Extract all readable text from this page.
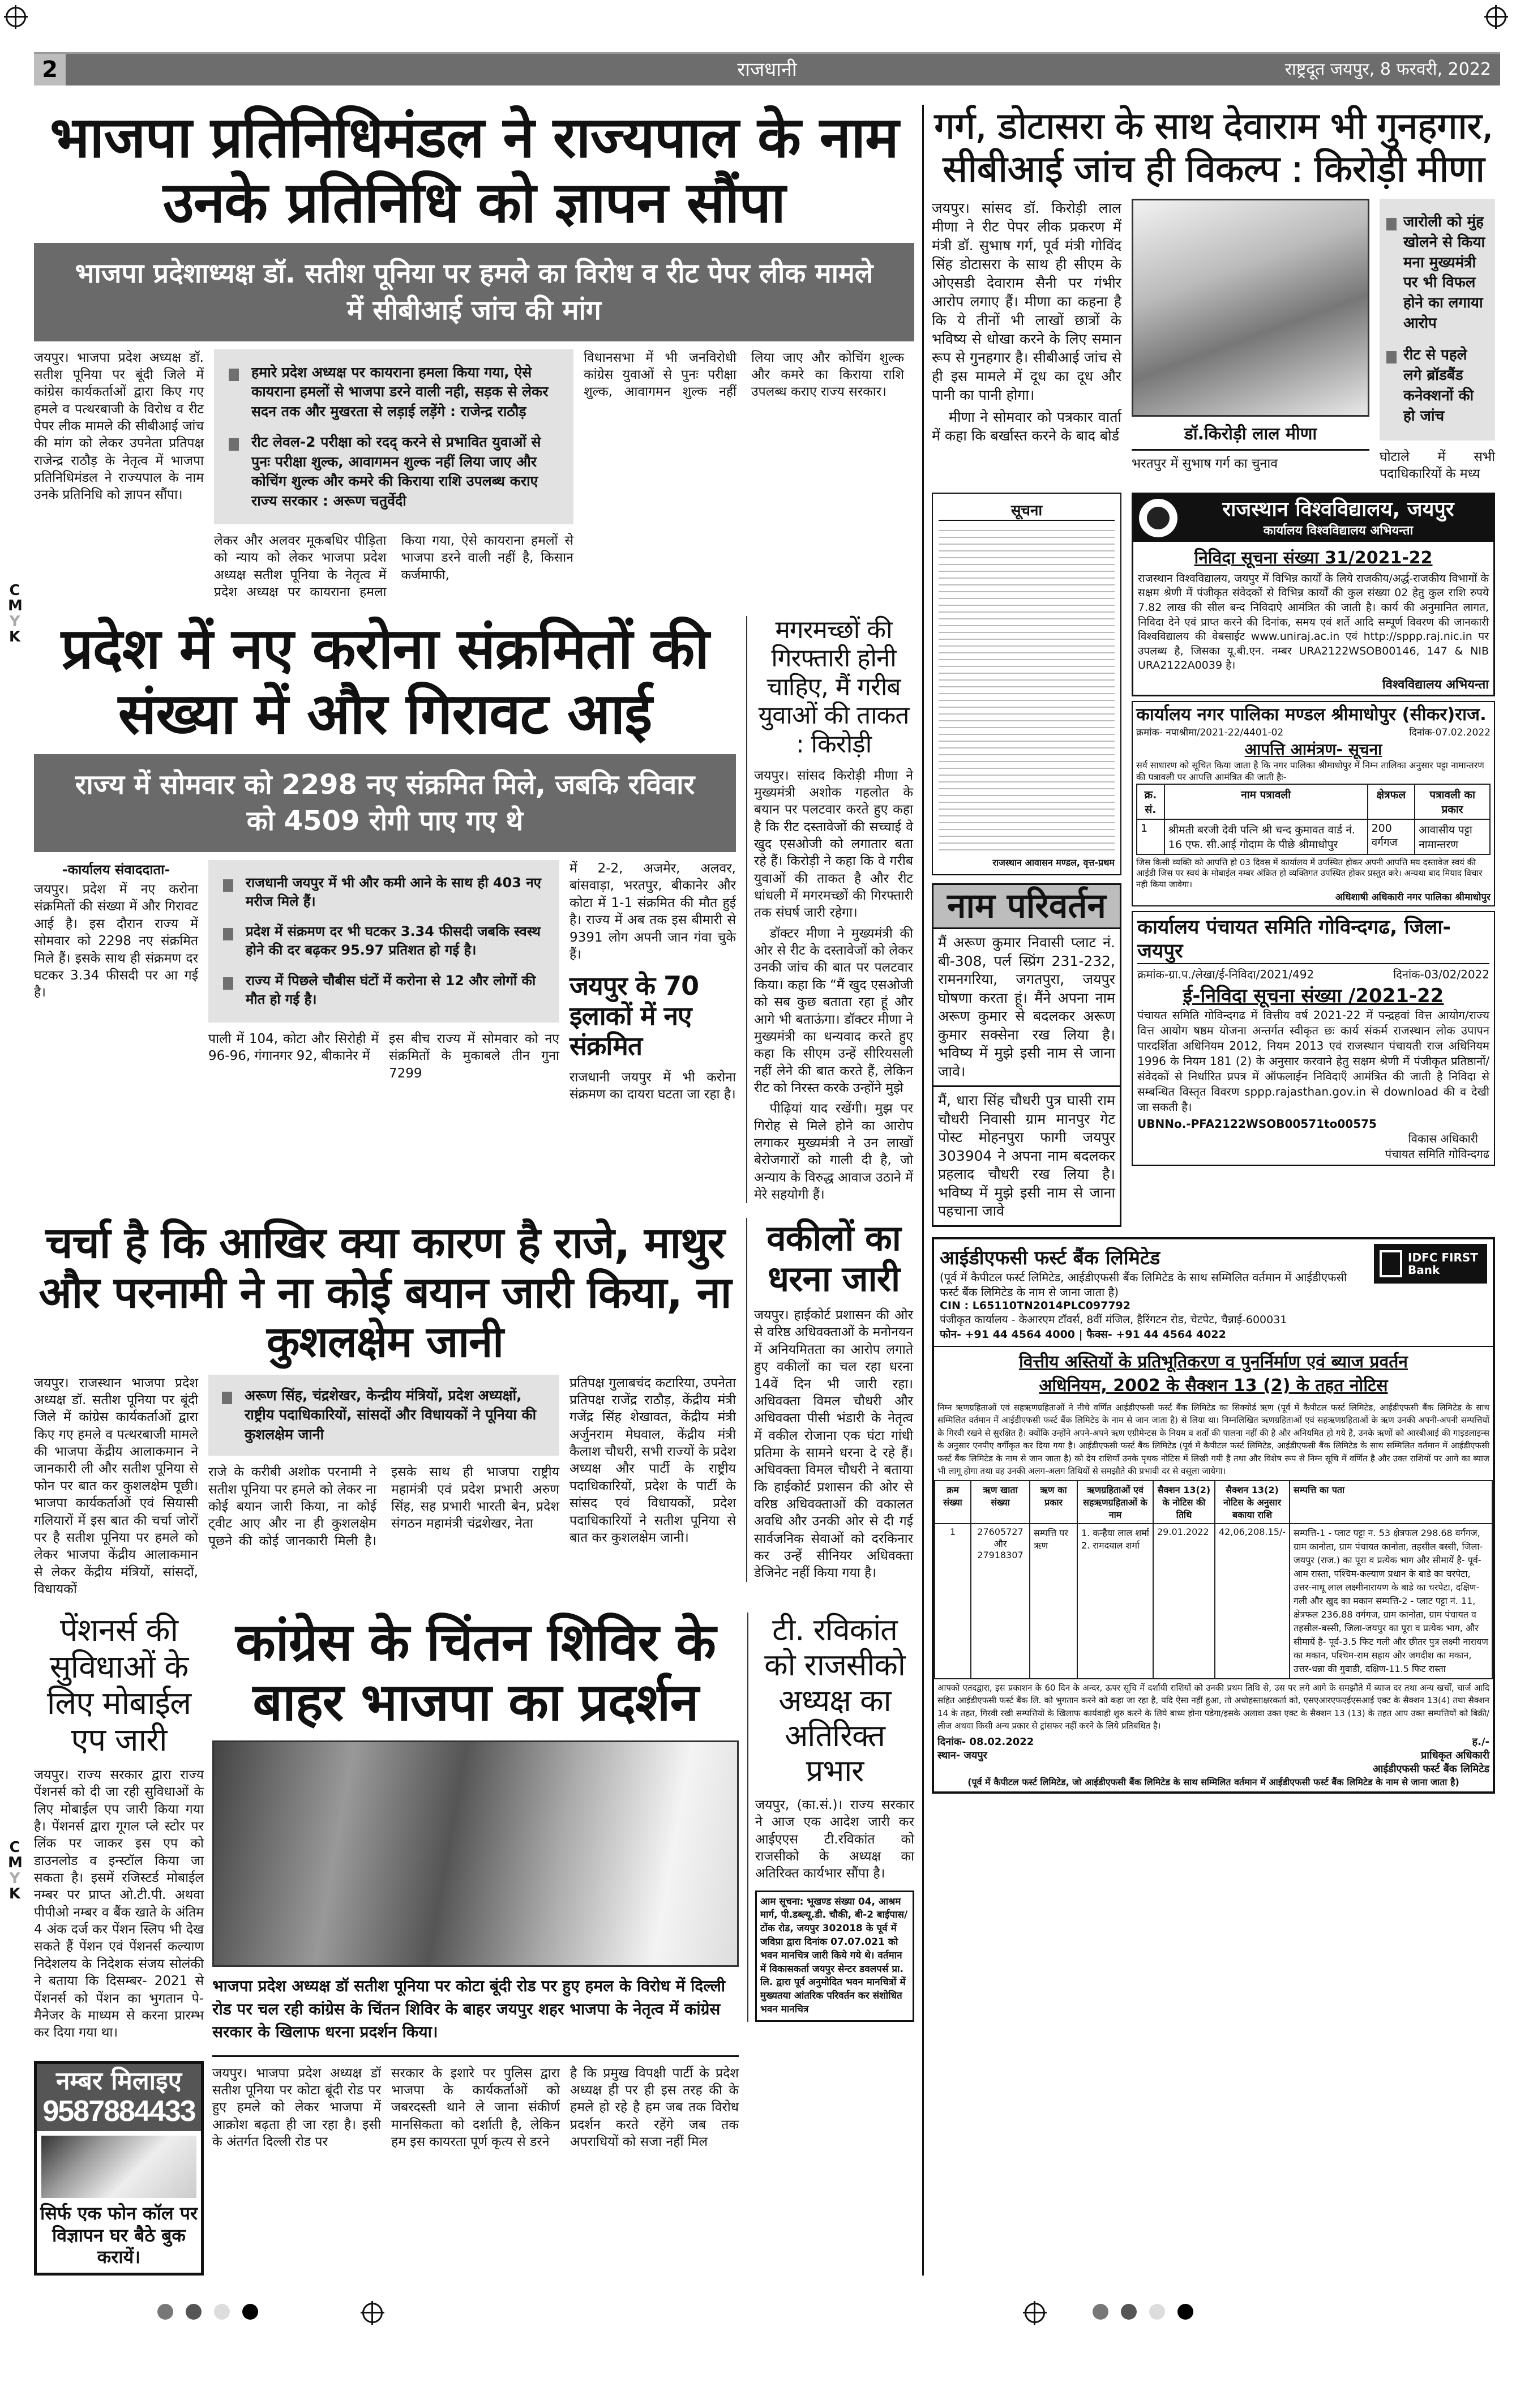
2	राजधानी	राष्ट्रदूत जयपुर, 8 फरवरी, 2022
C
M
Y
K
C
M
Y
K
भाजपा प्रतिनिधिमंडल ने राज्यपाल के नाम उनके प्रतिनिधि को ज्ञापन सौंपा
भाजपा प्रदेशाध्यक्ष डॉ. सतीश पूनिया पर हमले का विरोध व रीट पेपर लीक मामले में सीबीआई जांच की मांग
जयपुर। भाजपा प्रदेश अध्यक्ष डॉ. सतीश पूनिया पर बूंदी जिले में कांग्रेस कार्यकर्ताओं द्वारा किए गए हमले व पत्थरबाजी के विरोध व रीट पेपर लीक मामले की सीबीआई जांच की मांग को लेकर उपनेता प्रतिपक्ष राजेन्द्र राठौड़ के नेतृत्व में भाजपा प्रतिनिधिमंडल ने राज्यपाल के नाम उनके प्रतिनिधि को ज्ञापन सौंपा।
हमारे प्रदेश अध्यक्ष पर कायराना हमला किया गया, ऐसे कायराना हमलों से भाजपा डरने वाली नही, सड़क से लेकर सदन तक और मुखरता से लड़ाई लड़ेंगे : राजेन्द्र राठौड़
रीट लेवल-2 परीक्षा को रदद् करने से प्रभावित युवाओं से पुनः परीक्षा शुल्क, आवागमन शुल्क नहीं लिया जाए और कोचिंग शुल्क और कमरे की किराया राशि उपलब्ध कराए राज्य सरकार : अरूण चतुर्वेदी
लेकर और अलवर मूकबधिर पीड़िता को न्याय को लेकर भाजपा प्रदेश अध्यक्ष सतीश पूनिया के नेतृत्व में प्रदेश अध्यक्ष पर कायराना हमला किया गया, ऐसे कायराना हमलों से भाजपा डरने वाली नहीं है, किसान कर्जमाफी,
विधानसभा में भी जनविरोधी कांग्रेस युवाओं से पुनः परीक्षा शुल्क, आवागमन शुल्क नहीं लिया जाए और कोचिंग शुल्क और कमरे का किराया राशि उपलब्ध कराए राज्य सरकार।
प्रदेश में नए करोना संक्रमितों की संख्या में और गिरावट आई
राज्य में सोमवार को 2298 नए संक्रमित मिले, जबकि रविवार को 4509 रोगी पाए गए थे
-कार्यालय संवाददाता-
जयपुर। प्रदेश में नए करोना संक्रमितों की संख्या में और गिरावट आई है। इस दौरान राज्य में सोमवार को 2298 नए संक्रमित मिले हैं। इसके साथ ही संक्रमण दर घटकर 3.34 फीसदी पर आ गई है।
राजधानी जयपुर में भी और कमी आने के साथ ही 403 नए मरीज मिले हैं।
प्रदेश में संक्रमण दर भी घटकर 3.34 फीसदी जबकि स्वस्थ होने की दर बढ़कर 95.97 प्रतिशत हो गई है।
राज्य में पिछले चौबीस घंटों में करोना से 12 और लोगों की मौत हो गई है।
पाली में 104, कोटा और सिरोही में 96-96, गंगानगर 92, बीकानेर में
इस बीच राज्य में सोमवार को नए संक्रमितों के मुकाबले तीन गुना 7299
में 2-2, अजमेर, अलवर, बांसवाड़ा, भरतपुर, बीकानेर और कोटा में 1-1 संक्रमित की मौत हुई है। राज्य में अब तक इस बीमारी से 9391 लोग अपनी जान गंवा चुके हैं।
जयपुर के 70 इलाकों में नए संक्रमित
राजधानी जयपुर में भी करोना संक्रमण का दायरा घटता जा रहा है।
मगरमच्छों की गिरफ्तारी होनी चाहिए, मैं गरीब युवाओं की ताकत : किरोड़ी
जयपुर। सांसद किरोड़ी मीणा ने मुख्यमंत्री अशोक गहलोत के बयान पर पलटवार करते हुए कहा है कि रीट दस्तावेजों की सच्चाई वे खुद एसओजी को लगातार बता रहे हैं। किरोड़ी ने कहा कि वे गरीब युवाओं की ताकत है और रीट धांधली में मगरमच्छों की गिरफ्तारी तक संघर्ष जारी रहेगा।

डॉक्टर मीणा ने मुख्यमंत्री की ओर से रीट के दस्तावेजों को लेकर उनकी जांच की बात पर पलटवार किया। कहा कि “मैं खुद एसओजी को सब कुछ बताता रहा हूं और आगे भी बताऊंगा। डॉक्टर मीणा ने मुख्यमंत्री का धन्यवाद करते हुए कहा कि सीएम उन्हें सीरियसली नहीं लेने की बात करते हैं, लेकिन रीट को निरस्त करके उन्होंने मुझे

पीढ़ियां याद रखेंगी। मुझ पर गिरोह से मिले होने का आरोप लगाकर मुख्यमंत्री ने उन लाखों बेरोजगारों को गाली दी है, जो अन्याय के विरुद्ध आवाज उठाने में मेरे सहयोगी हैं।

चर्चा है कि आखिर क्या कारण है राजे, माथुर और परनामी ने ना कोई बयान जारी किया, ना कुशलक्षेम जानी
जयपुर। राजस्थान भाजपा प्रदेश अध्यक्ष डॉ. सतीश पूनिया पर बूंदी जिले में कांग्रेस कार्यकर्ताओं द्वारा किए गए हमले व पत्थरबाजी मामले की भाजपा केंद्रीय आलाकमान ने जानकारी ली और सतीश पूनिया से फोन पर बात कर कुशलक्षेम पूछी। भाजपा कार्यकर्ताओं एवं सियासी गलियारों में इस बात की चर्चा जोरों पर है सतीश पूनिया पर हमले को लेकर भाजपा केंद्रीय आलाकमान से लेकर केंद्रीय मंत्रियों, सांसदों, विधायकों
अरूण सिंह, चंद्रशेखर, केन्द्रीय मंत्रियों, प्रदेश अध्यक्षों, राष्ट्रीय पदाधिकारियों, सांसदों और विधायकों ने पूनिया की कुशलक्षेम जानी
राजे के करीबी अशोक परनामी ने सतीश पूनिया पर हमले को लेकर ना कोई बयान जारी किया, ना कोई ट्वीट आए और ना ही कुशलक्षेम पूछने की कोई जानकारी मिली है। इसके साथ ही भाजपा राष्ट्रीय महामंत्री एवं प्रदेश प्रभारी अरुण सिंह, सह प्रभारी भारती बेन, प्रदेश संगठन महामंत्री चंद्रशेखर, नेता
प्रतिपक्ष गुलाबचंद कटारिया, उपनेता प्रतिपक्ष राजेंद्र राठौड़, केंद्रीय मंत्री गजेंद्र सिंह शेखावत, केंद्रीय मंत्री अर्जुनराम मेघवाल, केंद्रीय मंत्री कैलाश चौधरी, सभी राज्यों के प्रदेश अध्यक्ष और पार्टी के राष्ट्रीय पदाधिकारियों, प्रदेश के पार्टी के सांसद एवं विधायकों, प्रदेश पदाधिकारियों ने सतीश पूनिया से बात कर कुशलक्षेम जानी।
वकीलों का धरना जारी
जयपुर। हाईकोर्ट प्रशासन की ओर से वरिष्ठ अधिवक्ताओं के मनोनयन में अनियमितता का आरोप लगाते हुए वकीलों का चल रहा धरना 14वें दिन भी जारी रहा। अधिवक्ता विमल चौधरी और अधिवक्ता पीसी भंडारी के नेतृत्व में वकील रोजाना एक घंटा गांधी प्रतिमा के सामने धरना दे रहे हैं। अधिवक्ता विमल चौधरी ने बताया कि हाईकोर्ट प्रशासन की ओर से वरिष्ठ अधिवक्ताओं की वकालत अवधि और उनकी ओर से दी गई सार्वजनिक सेवाओं को दरकिनार कर उन्हें सीनियर अधिवक्ता डेजिनेट नहीं किया गया है।
पेंशनर्स की सुविधाओं के लिए मोबाईल एप जारी
जयपुर। राज्य सरकार द्वारा राज्य पेंशनर्स को दी जा रही सुविधाओं के लिए मोबाईल एप जारी किया गया है। पेंशनर्स द्वारा गूगल प्ले स्टोर पर लिंक पर जाकर इस एप को डाउनलोड व इन्स्टॉल किया जा सकता है। इसमें रजिस्टर्ड मोबाईल नम्बर पर प्राप्त ओ.टी.पी. अथवा पीपीओ नम्बर व बैंक खाते के अंतिम 4 अंक दर्ज कर पेंशन स्लिप भी देख सकते हैं पेंशन एवं पेंशनर्स कल्याण निदेशलय के निदेशक संजय सोलंकी ने बताया कि दिसम्बर- 2021 से पेंशनर्स को पेंशन का भुगतान पे-मैनेजर के माध्यम से करना प्रारम्भ कर दिया गया था।
नम्बर मिलाइए
9587884433
सिर्फ एक फोन कॉल पर विज्ञापन घर बैठे बुक करायें।
कांग्रेस के चिंतन शिविर के बाहर भाजपा का प्रदर्शन
भाजपा प्रदेश अध्यक्ष डॉ सतीश पूनिया पर कोटा बूंदी रोड पर हुए हमल के विरोध में दिल्ली रोड पर चल रही कांग्रेस के चिंतन शिविर के बाहर जयपुर शहर भाजपा के नेतृत्व में कांग्रेस सरकार के खिलाफ धरना प्रदर्शन किया।
जयपुर। भाजपा प्रदेश अध्यक्ष डॉ सतीश पूनिया पर कोटा बूंदी रोड पर हुए हमले को लेकर भाजपा में आक्रोश बढ़ता ही जा रहा है। इसी के अंतर्गत दिल्ली रोड पर
सरकार के इशारे पर पुलिस द्वारा भाजपा के कार्यकर्ताओं को जबरदस्ती थाने ले जाना संकीर्ण मानसिकता को दर्शाती है, लेकिन हम इस कायरता पूर्ण कृत्य से डरने
है कि प्रमुख विपक्षी पार्टी के प्रदेश अध्यक्ष ही पर ही इस तरह की के हमले हो रहे है हम जब तक विरोध प्रदर्शन करते रहेंगे जब तक अपराधियों को सजा नहीं मिल
टी. रविकांत को राजसीको अध्यक्ष का अतिरिक्त प्रभार
जयपुर, (का.सं.)। राज्य सरकार ने आज एक आदेश जारी कर आईएएस टी.रविकांत को राजसीको के अध्यक्ष का अतिरिक्त कार्यभार सौंपा है।
आम सूचना: भूखण्ड संख्या 04, आश्रम मार्ग, पी.डब्ल्यू.डी. चौकी, बी-2 बाईपास/टोंक रोड, जयपुर 302018 के पूर्व में जविप्रा द्वारा दिनांक 07.07.021 को भवन मानचित्र जारी किये गये थे। वर्तमान में विकासकर्ता जयपुर सेन्टर डवलपर्स प्रा. लि. द्वारा पूर्व अनुमोदित भवन मानचित्रों में मुख्यतया आंतरिक परिवर्तन कर संशोधित भवन मानचित्र
गर्ग, डोटासरा के साथ देवाराम भी गुनहगार, सीबीआई जांच ही विकल्प : किरोड़ी मीणा
जयपुर। सांसद डॉ. किरोड़ी लाल मीणा ने रीट पेपर लीक प्रकरण में मंत्री डॉ. सुभाष गर्ग, पूर्व मंत्री गोविंद सिंह डोटासरा के साथ ही सीएम के ओएसडी देवाराम सैनी पर गंभीर आरोप लगाए हैं। मीणा का कहना है कि ये तीनों भी लाखों छात्रों के भविष्य से धोखा करने के लिए समान रूप से गुनहगार है। सीबीआई जांच से ही इस मामले में दूध का दूध और पानी का पानी होगा।

मीणा ने सोमवार को पत्रकार वार्ता में कहा कि बर्खास्त करने के बाद बोर्ड	डॉ.किरोड़ी लाल मीणा
भरतपुर में सुभाष गर्ग का चुनाव
जारोली को मुंह खोलने से किया मना मुख्यमंत्री पर भी विफल होने का लगाया आरोप
रीट से पहले लगे ब्रॉडबैंड कनेक्शनों की हो जांच
घोटाले में सभी पदाधिकारियों के मध्य
सूचना
राजस्थान आवासन मण्डल, वृत्त-प्रथम
नाम परिवर्तन
मैं अरूण कुमार निवासी प्लाट नं. बी-308, पर्ल स्प्रिंग 231-232, रामनगरिया, जगतपुरा, जयपुर घोषणा करता हूं। मैंने अपना नाम अरूण कुमार से बदलकर अरूण कुमार सक्सेना रख लिया है। भविष्य में मुझे इसी नाम से जाना जावे।
मैं, धारा सिंह चौधरी पुत्र घासी राम चौधरी निवासी ग्राम मानपुर गेट पोस्ट मोहनपुरा फागी जयपुर 303904 ने अपना नाम बदलकर प्रहलाद चौधरी रख लिया है। भविष्य में मुझे इसी नाम से जाना पहचाना जावे
राजस्थान विश्वविद्यालय, जयपुर
कार्यालय विश्वविद्यालय अभियन्ता
निविदा सूचना संख्या 31/2021-22
राजस्थान विश्वविद्यालय, जयपुर में विभिन्न कार्यों के लिये राजकीय/अर्द्ध-राजकीय विभागों के सक्षम श्रेणी में पंजीकृत संवेदकों से विभिन्न कार्यों की कुल संख्या 02 हेतु कुल राशि रुपये 7.82 लाख की सील बन्द निविदाऐ आमंत्रित की जाती है। कार्य की अनुमानित लागत, निविदा देने एवं प्राप्त करने की दिनांक, समय एवं शर्ते आदि सम्पूर्ण विवरण की जानकारी विश्वविद्यालय की वेबसाईट www.uniraj.ac.in एवं http://sppp.raj.nic.in पर उपलब्ध है, जिसका यू.बी.एन. नम्बर URA2122WSOB00146, 147 & NIB URA2122A0039 है।
विश्वविद्यालय अभियन्ता
कार्यालय नगर पालिका मण्डल श्रीमाधोपुर (सीकर)राज.
क्रमांक- नपाश्रीमा/2021-22/4401-02	दिनांक-07.02.2022
आपत्ति आमंत्रण- सूचना
सर्व साधारण को सूचित किया जाता है कि नगर पालिका श्रीमाधोपुर में निम्न तालिका अनुसार पट्टा नामान्तरण की पत्रावली पर आपत्ति आमंत्रित की जाती हैः-
क्र. सं.	नाम पत्रावली	क्षेत्रफल	पत्रावली का प्रकार
1	श्रीमती बरजी देवी पत्नि श्री चन्द कुमावत वार्ड नं. 16 एफ. सी.आई गोदाम के पीछे श्रीमाधोपुर	200 वर्गगज	आवासीय पट्टा नामान्तरण
जिस किसी व्यक्ति को आपत्ति हो 03 दिवस में कार्यालय में उपस्थित होकर अपनी आपत्ति मय दस्तावेज स्वयं की आईडी जिस पर स्वयं के मोबाईल नम्बर अंकित हो व्यक्तिगत उपस्थित होकर प्रस्तुत करे। अन्यथा बाद मियाद विचार नही किया जावेगा।
अधिशाषी अधिकारी नगर पालिका श्रीमाधोपुर
कार्यालय पंचायत समिति गोविन्दगढ, जिला-जयपुर
क्रमांक-ग्रा.प./लेखा/ई-निविदा/2021/492	दिनांक-03/02/2022
ई-निविदा सूचना संख्या /2021-22
पंचायत समिति गोविन्दगढ में वित्तीय वर्ष 2021-22 में पन्द्रहवां वित्त आयोग/राज्य वित्त आयोग षष्ठम योजना अन्तर्गत स्वीकृत छः कार्य संकर्म राजस्थान लोक उपापन पारदर्शिता अधिनियम 2012, नियम 2013 एवं राजस्थान पंचायती राज अधिनियम 1996 के नियम 181 (2) के अनुसार करवाने हेतु सक्षम श्रेणी में पंजीकृत प्रतिष्ठानों/संवेदकों से निर्धारित प्रपत्र में ऑफलाईन निविदाएँ आमंत्रित की जाती है निविदा से सम्बन्धित विस्तृत विवरण sppp.rajasthan.gov.in से download की व देखी जा सकती है।
UBNNo.-PFA2122WSOB00571to00575
विकास अधिकारी
पंचायत समिति गोविन्दगढ
आईडीएफसी फर्स्ट बैंक लिमिटेड
(पूर्व में कैपीटल फर्स्ट लिमिटेड, आईडीएफसी बैंक लिमिटेड के साथ सम्मिलित वर्तमान में आईडीएफसी फर्स्ट बैंक लिमिटेड के नाम से जाना जाता है)
CIN : L65110TN2014PLC097792
पंजीकृत कार्यालय - केआरएम टॉवर्स, 8वीं मंजिल, हैरिंगटन रोड, चेटपेट, चैन्नाई-600031
फोन- +91 44 4564 4000 | फैक्स- +91 44 4564 4022
IDFC FIRST Bank
वित्तीय अस्तियों के प्रतिभूतिकरण व पुनर्निर्माण एवं ब्याज प्रवर्तन अधिनियम, 2002 के सैक्शन 13 (2) के तहत नोटिस
निम्न ऋणग्रहिताओं एवं सहऋणग्रहिताओं ने नीचे वर्णित आईडीएफसी फर्स्ट बैंक लिमिटेड का सिक्योर्ड ऋण (पूर्व में कैपीटल फर्स्ट लिमिटेड, आईडीएफसी बैंक लिमिटेड के साथ सम्मिलित वर्तमान में आईडीएफसी फर्स्ट बैंक लिमिटेड के नाम से जान जाता है) से लिया था। निम्नलिखित ऋणग्रहिताओं एवं सहऋणग्रहिताओं के ऋण उनकी अपनी-अपनी सम्पत्तियों के गिरवी रखने से सुरक्षित है। क्योंकि उन्होंने अपने-अपने ऋण एग्रीमेन्टस के नियम व शर्तों की पालना नहीं की है और अनियमित हो गये है, उनके ऋणों को आरबीआई की गाइडलाइन्स के अनुसार एनपीए वर्गीकृत कर दिया गया है। आईडीएफसी फर्स्ट बैंक लिमिटेड (पूर्व में कैपीटल फर्स्ट लिमिटेड, आईडीएफसी बैंक लिमिटेड के साथ सम्मिलित वर्तमान में आईडीएफसी फर्स्ट बैंक लिमिटेड के नाम से जान जाता है) को देय राशियाँ उनके पृथक नोटिस में लिखी गयी है तथा और विशेष रूप से निम्न सूचि में वर्णित है और उक्त राशियों पर आगे का ब्याज भी लागू होगा तथा वह उनकी अलग-अलग तिथियों से समझौते की प्रभावी दर से वसूला जायेगा।
क्रम संख्या	ऋण खाता संख्या	ऋण का प्रकार	ऋणग्रहिताओं एवं सहऋणग्रहिताओं के नाम	सैक्शन 13(2) के नोटिस की तिथि	सैक्शन 13(2) नोटिस के अनुसार बकाया राशि	सम्पत्ति का पता
1	27605727 और 27918307	सम्पत्ति पर ऋण	1. कन्हैया लाल शर्मा 2. रामदयाल शर्मा	29.01.2022	42,06,208.15/-	सम्पत्ति-1 - प्लाट पट्टा न. 53 क्षेत्रफल 298.68 वर्गगज, ग्राम कानोता, ग्राम पंचायत कानोता, तहसील बस्सी, जिला-जयपुर (राज.) का पूरा व प्रत्येक भाग और सीमायें है- पूर्व-आम रास्ता, पश्चिम-कल्याण प्रधान के बाडे का चरपेटा, उत्तर-नाथू लाल लक्ष्मीनारायण के बाडे का चरपेटा, दक्षिण-गली और खुद का मकान सम्पत्ति-2 - प्लाट पट्टा नं. 11, क्षेत्रफल 236.88 वर्गगज, ग्राम कानोता, ग्राम पंचायत व तहसील-बस्सी, जिला-जयपुर का पूरा व प्रत्येक भाग, और सीमायें है- पूर्व-3.5 फिट गली और छीतर पुत्र लक्ष्मी नारायण का मकान, पश्चिम-राम सहाय और जगदीश का मकान, उत्तर-धन्ना की गुवाडी, दक्षिण-11.5 फिट रास्ता
आपको एतदद्वारा, इस प्रकाशन के 60 दिन के अन्दर, ऊपर सूचि में दर्शायी राशियों को उनकी प्रथम तिथि से, उस पर लगे आगे के समझौते में ब्याज दर तथा अन्य खर्चों, चार्ज आदि सहित आईडीएफसी फर्स्ट बैंक लि. को भुगतान करने को कहा जा रहा है, यदि ऐसा नहीं हुआ, तो अधोहस्ताक्षरकर्ता को, एसएआरएफएईएसआई एक्ट के सैक्शन 13(4) तथा सैक्शन 14 के तहत, गिरवी रखी सम्पत्तियों के खिलाफ कार्यवाही शुरु करने के लिये बाध्य होना पडेगा/इसके अलावा उक्त एक्ट के सैक्शन 13 (13) के तहत आप उक्त सम्पत्तियों को बिक्री/लीज अथवा किसी अन्य प्रकार से ट्रांसफर नहीं करने के लिये प्रतिबंधित है।
दिनांक- 08.02.2022
स्थान- जयपुर
ह./-
प्राधिकृत अधिकारी
आईडीएफसी फर्स्ट बैंक लिमिटेड
(पूर्व में कैपीटल फर्स्ट लिमिटेड, जो आईडीएफसी बैंक लिमिटेड के साथ सम्मिलित वर्तमान में आईडीएफसी फर्स्ट बैंक लिमिटेड के नाम से जाना जाता है)
